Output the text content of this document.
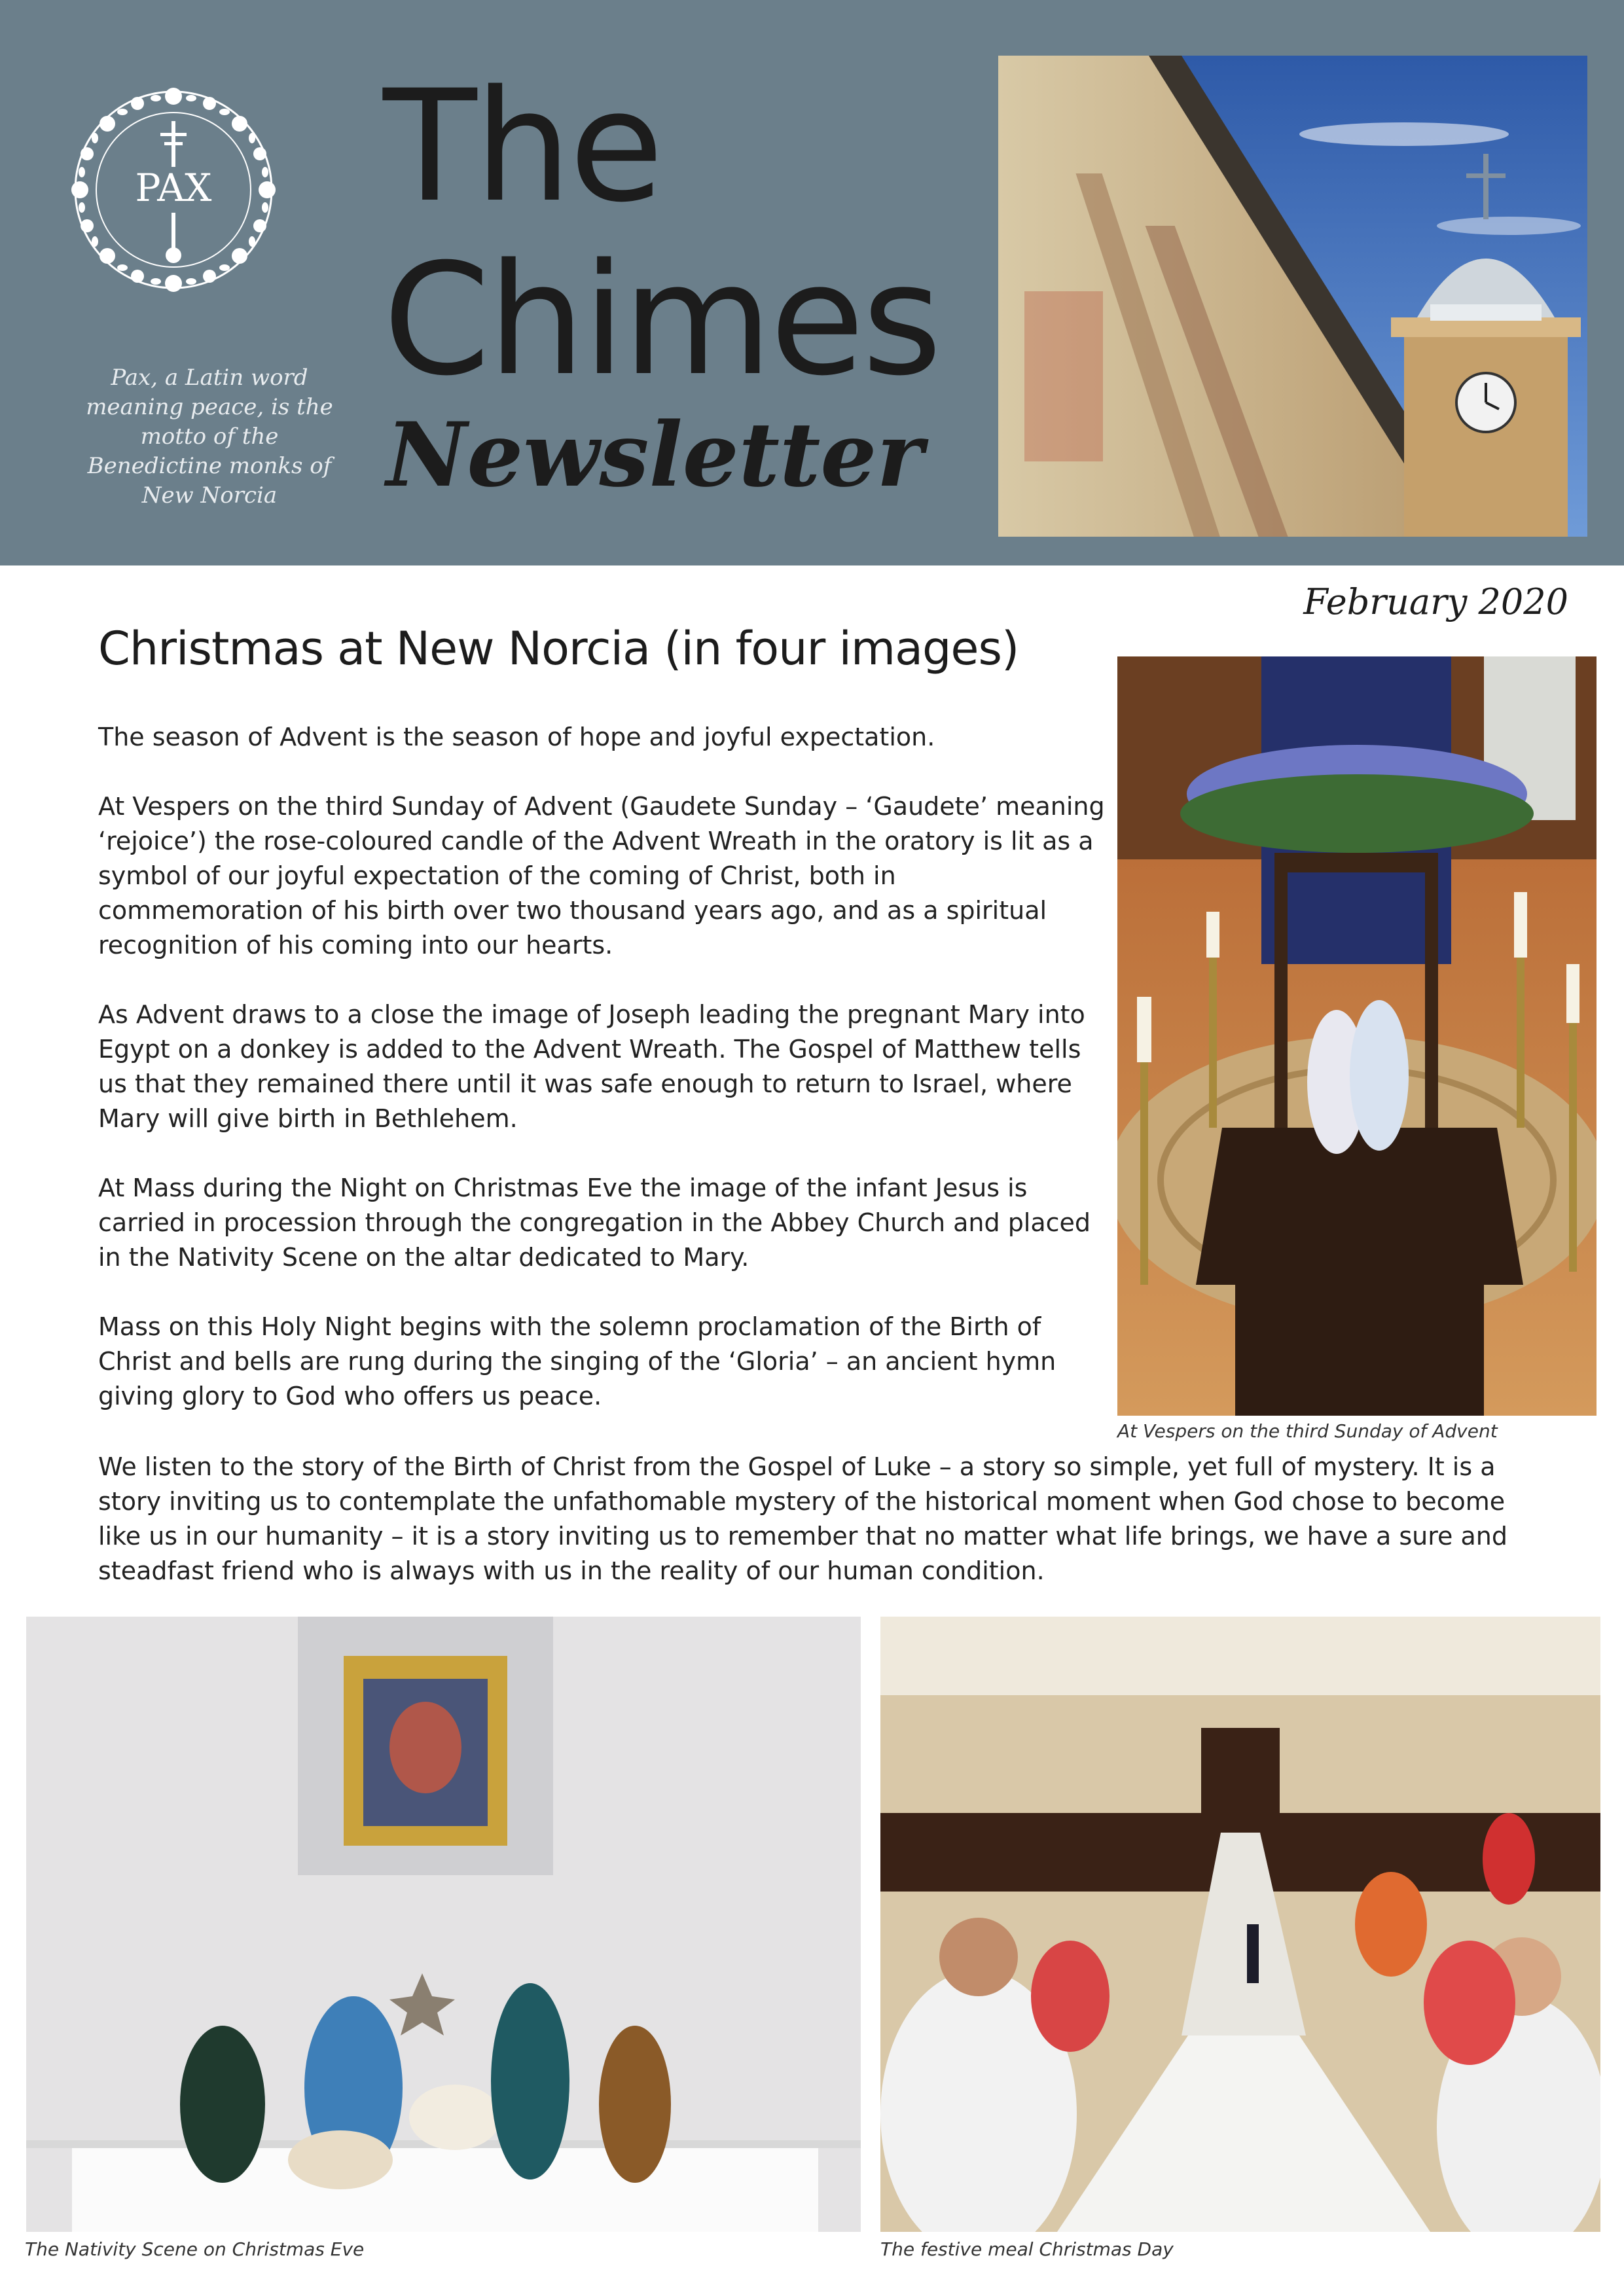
PAX
Pax, a Latin word meaning peace, is the motto of the Benedictine monks of New Norcia
The
Chimes
Newsletter
February 2020
Christmas at New Norcia (in four images)

The season of Advent is the season of hope and joyful expectation.

At Vespers on the third Sunday of Advent (Gaudete Sunday – ‘Gaudete’ meaning ‘rejoice’) the rose-coloured candle of the Advent Wreath in the oratory is lit as a symbol of our joyful expectation of the coming of Christ, both in commemoration of his birth over two thousand years ago, and as a spiritual recognition of his coming into our hearts.

As Advent draws to a close the image of Joseph leading the pregnant Mary into Egypt on a donkey is added to the Advent Wreath. The Gospel of Matthew tells us that they remained there until it was safe enough to return to Israel, where Mary will give birth in Bethlehem.

At Mass during the Night on Christmas Eve the image of the infant Jesus is carried in procession through the congregation in the Abbey Church and placed in the Nativity Scene on the altar dedicated to Mary.

Mass on this Holy Night begins with the solemn proclamation of the Birth of Christ and bells are rung during the singing of the ‘Gloria’ – an ancient hymn giving glory to God who offers us peace.

At Vespers on the third Sunday of Advent

We listen to the story of the Birth of Christ from the Gospel of Luke – a story so simple, yet full of mystery. It is a story inviting us to contemplate the unfathomable mystery of the historical moment when God chose to become like us in our humanity – it is a story inviting us to remember that no matter what life brings, we have a sure and steadfast friend who is always with us in the reality of our human condition.

The Nativity Scene on Christmas Eve	The festive meal Christmas Day
